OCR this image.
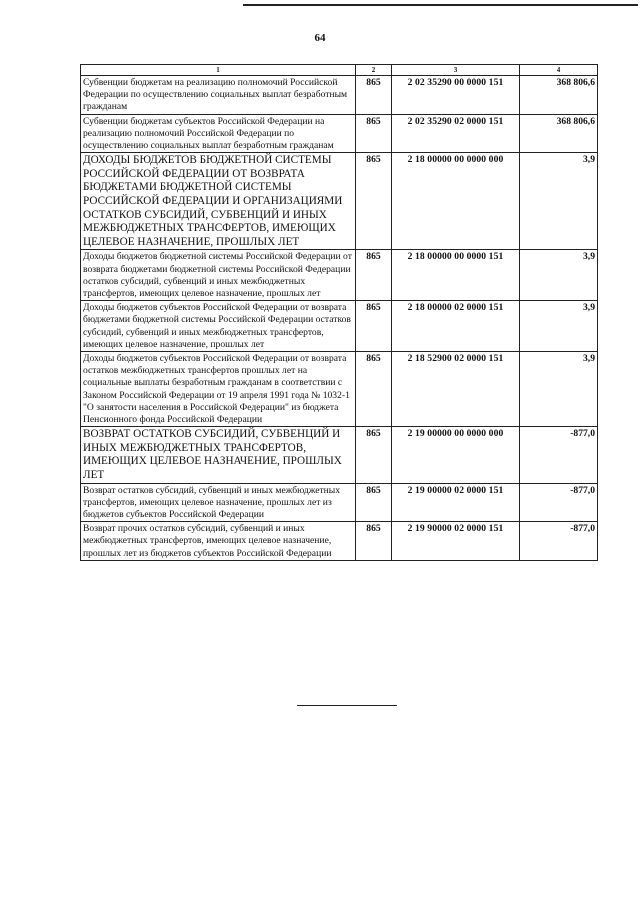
64
1	2	3	4
Субвенции бюджетам на реализацию полномочий Российской Федерации по осуществлению социальных выплат безработным гражданам	865	2 02 35290 00 0000 151	368 806,6
Субвенции бюджетам субъектов Российской Федерации на реализацию полномочий Российской Федерации по осуществлению социальных выплат безработным гражданам	865	2 02 35290 02 0000 151	368 806,6
ДОХОДЫ БЮДЖЕТОВ БЮДЖЕТНОЙ СИСТЕМЫ РОССИЙСКОЙ ФЕДЕРАЦИИ ОТ ВОЗВРАТА БЮДЖЕТАМИ БЮДЖЕТНОЙ СИСТЕМЫ РОССИЙСКОЙ ФЕДЕРАЦИИ И ОРГАНИЗАЦИЯМИ ОСТАТКОВ СУБСИДИЙ, СУБВЕНЦИЙ И ИНЫХ МЕЖБЮДЖЕТНЫХ ТРАНСФЕРТОВ, ИМЕЮЩИХ ЦЕЛЕВОЕ НАЗНАЧЕНИЕ, ПРОШЛЫХ ЛЕТ	865	2 18 00000 00 0000 000	3,9
Доходы бюджетов бюджетной системы Российской Федерации от возврата бюджетами бюджетной системы Российской Федерации остатков субсидий, субвенций и иных межбюджетных трансфертов, имеющих целевое назначение, прошлых лет	865	2 18 00000 00 0000 151	3,9
Доходы бюджетов субъектов Российской Федерации от возврата бюджетами бюджетной системы Российской Федерации остатков субсидий, субвенций и иных межбюджетных трансфертов, имеющих целевое назначение, прошлых лет	865	2 18 00000 02 0000 151	3,9
Доходы бюджетов субъектов Российской Федерации от возврата остатков межбюджетных трансфертов прошлых лет на социальные выплаты безработным гражданам в соответствии с Законом Российской Федерации от 19 апреля 1991 года № 1032-1 "О занятости населения в Российской Федерации" из бюджета Пенсионного фонда Российской Федерации	865	2 18 52900 02 0000 151	3,9
ВОЗВРАТ ОСТАТКОВ СУБСИДИЙ, СУБВЕНЦИЙ И ИНЫХ МЕЖБЮДЖЕТНЫХ ТРАНСФЕРТОВ, ИМЕЮЩИХ ЦЕЛЕВОЕ НАЗНАЧЕНИЕ, ПРОШЛЫХ ЛЕТ	865	2 19 00000 00 0000 000	-877,0
Возврат остатков субсидий, субвенций и иных межбюджетных трансфертов, имеющих целевое назначение, прошлых лет из бюджетов субъектов Российской Федерации	865	2 19 00000 02 0000 151	-877,0
Возврат прочих остатков субсидий, субвенций и иных межбюджетных трансфертов, имеющих целевое назначение, прошлых лет из бюджетов субъектов Российской Федерации	865	2 19 90000 02 0000 151	-877,0
